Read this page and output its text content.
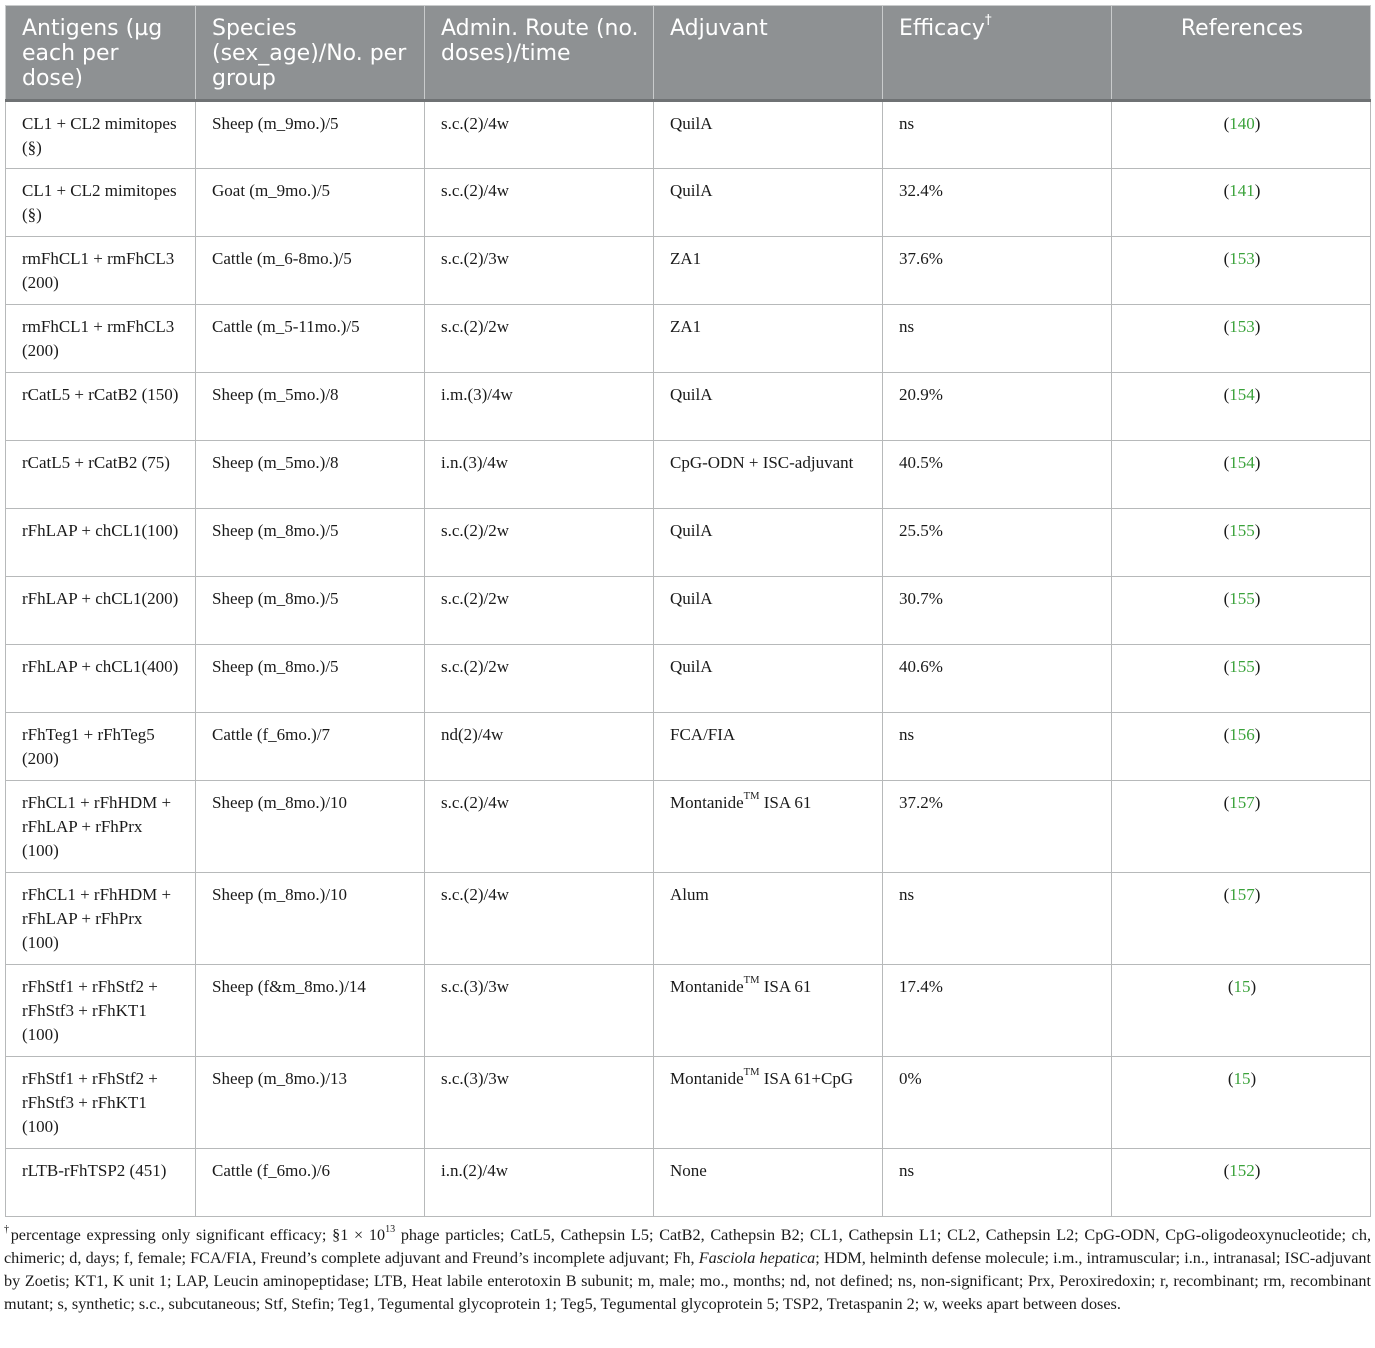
Antigens (µg each per dose)	Species (sex_age)/No. per group	Admin. Route (no. doses)/time	Adjuvant	Efficacy†	References
CL1 + CL2 mimitopes (§)	Sheep (m_9mo.)/5	s.c.(2)/4w	QuilA	ns	(140)
CL1 + CL2 mimitopes (§)	Goat (m_9mo.)/5	s.c.(2)/4w	QuilA	32.4%	(141)
rmFhCL1 + rmFhCL3 (200)	Cattle (m_6-8mo.)/5	s.c.(2)/3w	ZA1	37.6%	(153)
rmFhCL1 + rmFhCL3 (200)	Cattle (m_5-11mo.)/5	s.c.(2)/2w	ZA1	ns	(153)
rCatL5 + rCatB2 (150)	Sheep (m_5mo.)/8	i.m.(3)/4w	QuilA	20.9%	(154)
rCatL5 + rCatB2 (75)	Sheep (m_5mo.)/8	i.n.(3)/4w	CpG-ODN + ISC-adjuvant	40.5%	(154)
rFhLAP + chCL1(100)	Sheep (m_8mo.)/5	s.c.(2)/2w	QuilA	25.5%	(155)
rFhLAP + chCL1(200)	Sheep (m_8mo.)/5	s.c.(2)/2w	QuilA	30.7%	(155)
rFhLAP + chCL1(400)	Sheep (m_8mo.)/5	s.c.(2)/2w	QuilA	40.6%	(155)
rFhTeg1 + rFhTeg5 (200)	Cattle (f_6mo.)/7	nd(2)/4w	FCA/FIA	ns	(156)
rFhCL1 + rFhHDM + rFhLAP + rFhPrx (100)	Sheep (m_8mo.)/10	s.c.(2)/4w	Montanide™ ISA 61	37.2%	(157)
rFhCL1 + rFhHDM + rFhLAP + rFhPrx (100)	Sheep (m_8mo.)/10	s.c.(2)/4w	Alum	ns	(157)
rFhStf1 + rFhStf2 + rFhStf3 + rFhKT1 (100)	Sheep (f&m_8mo.)/14	s.c.(3)/3w	Montanide™ ISA 61	17.4%	(15)
rFhStf1 + rFhStf2 + rFhStf3 + rFhKT1 (100)	Sheep (m_8mo.)/13	s.c.(3)/3w	Montanide™ ISA 61+CpG	0%	(15)
rLTB-rFhTSP2 (451)	Cattle (f_6mo.)/6	i.n.(2)/4w	None	ns	(152)

†percentage expressing only significant efficacy; §1 × $10^{13}$ phage particles; CatL5, Cathepsin L5; CatB2, Cathepsin B2; CL1, Cathepsin L1; CL2, Cathepsin L2; CpG-ODN, CpG-oligodeoxynucleotide; ch, chimeric; d, days; f, female; FCA/FIA, Freund’s complete adjuvant and Freund’s incomplete adjuvant; Fh, Fasciola hepatica; HDM, helminth defense molecule; i.m., intramuscular; i.n., intranasal; ISC-adjuvant by Zoetis; KT1, K unit 1; LAP, Leucin aminopeptidase; LTB, Heat labile enterotoxin B subunit; m, male; mo., months; nd, not defined; ns, non-significant; Prx, Peroxiredoxin; r, recombinant; rm, recombinant mutant; s, synthetic; s.c., subcutaneous; Stf, Stefin; Teg1, Tegumental glycoprotein 1; Teg5, Tegumental glycoprotein 5; TSP2, Tretaspanin 2; w, weeks apart between doses.
